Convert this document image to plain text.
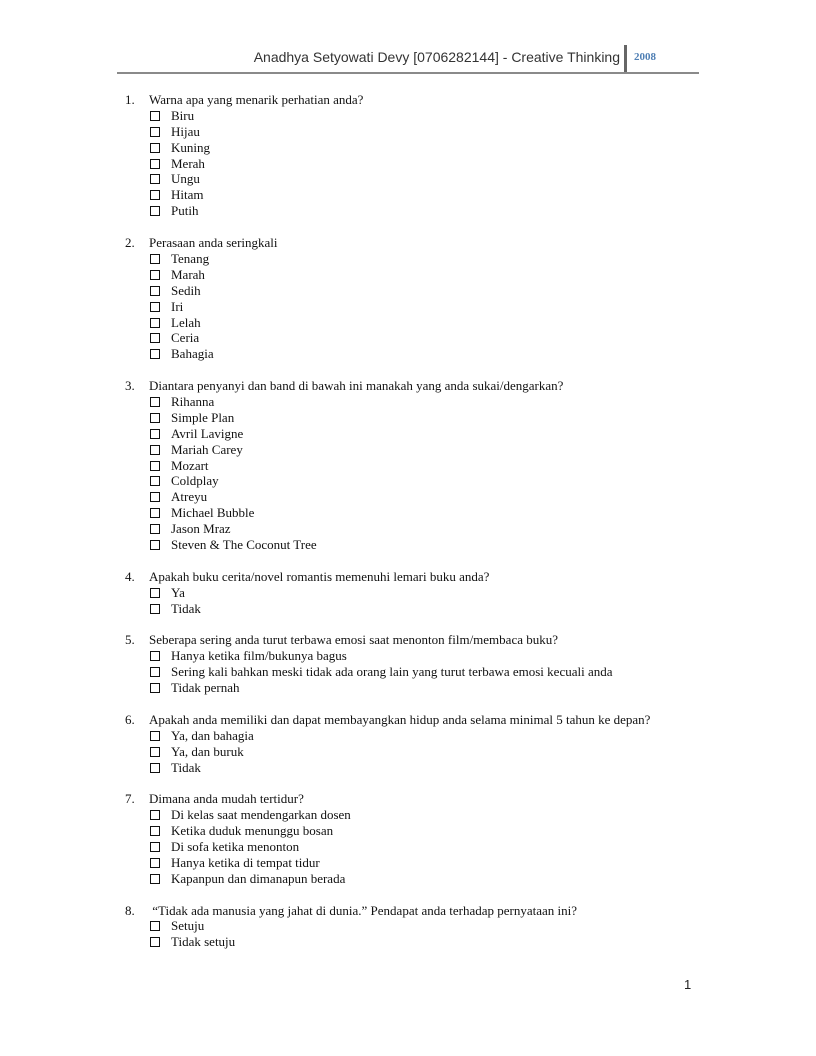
Anadhya Setyowati Devy [0706282144] - Creative Thinking 2008
1. Warna apa yang menarik perhatian anda?
Biru
Hijau
Kuning
Merah
Ungu
Hitam
Putih
2. Perasaan anda seringkali
Tenang
Marah
Sedih
Iri
Lelah
Ceria
Bahagia
3. Diantara penyanyi dan band di bawah ini manakah yang anda sukai/dengarkan?
Rihanna
Simple Plan
Avril Lavigne
Mariah Carey
Mozart
Coldplay
Atreyu
Michael Bubble
Jason Mraz
Steven & The Coconut Tree
4. Apakah buku cerita/novel romantis memenuhi lemari buku anda?
Ya
Tidak
5. Seberapa sering anda turut terbawa emosi saat menonton film/membaca buku?
Hanya ketika film/bukunya bagus
Sering kali bahkan meski tidak ada orang lain yang turut terbawa emosi kecuali anda
Tidak pernah
6. Apakah anda memiliki dan dapat membayangkan hidup anda selama minimal 5 tahun ke depan?
Ya, dan bahagia
Ya, dan buruk
Tidak
7. Dimana anda mudah tertidur?
Di kelas saat mendengarkan dosen
Ketika duduk menunggu bosan
Di sofa ketika menonton
Hanya ketika di tempat tidur
Kapanpun dan dimanapun berada
8. “Tidak ada manusia yang jahat di dunia.” Pendapat anda terhadap pernyataan ini?
Setuju
Tidak setuju
1
